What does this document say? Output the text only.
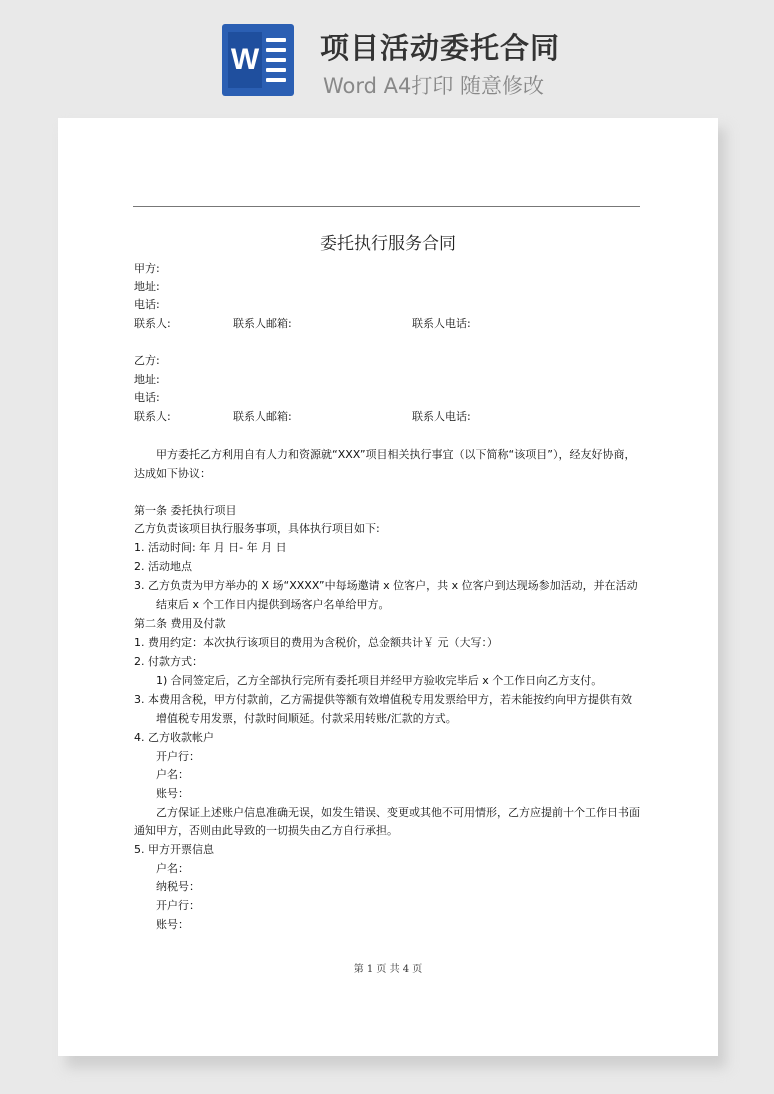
W 项目活动委托合同
Word A4打印 随意修改
委托执行服务合同
甲方:
地址:
电话:
联系人:	联系人邮箱:	联系人电话:
乙方:
地址:
电话:
联系人:	联系人邮箱:	联系人电话:
甲方委托乙方利用自有人力和资源就“XXX”项目相关执行事宜（以下简称“该项目”），经友好协商，
达成如下协议：
第一条 委托执行项目
乙方负责该项目执行服务事项，具体执行项目如下:
1. 活动时间: 年 月 日- 年 月 日
2. 活动地点
3. 乙方负责为甲方举办的 X 场“XXXX”中每场邀请 x 位客户，共 x 位客户到达现场参加活动，并在活动
结束后 x 个工作日内提供到场客户名单给甲方。
第二条 费用及付款
1. 费用约定：本次执行该项目的费用为含税价，总金额共计￥ 元（大写：）
2. 付款方式：
1) 合同签定后，乙方全部执行完所有委托项目并经甲方验收完毕后 x 个工作日向乙方支付。
3. 本费用含税，甲方付款前，乙方需提供等额有效增值税专用发票给甲方，若未能按约向甲方提供有效
增值税专用发票，付款时间顺延。付款采用转账/汇款的方式。
4. 乙方收款帐户
开户行：
户名：
账号：
乙方保证上述账户信息准确无误，如发生错误、变更或其他不可用情形，乙方应提前十个工作日书面
通知甲方，否则由此导致的一切损失由乙方自行承担。
5. 甲方开票信息
户名：
纳税号：
开户行：
账号：
第 1 页 共 4 页
